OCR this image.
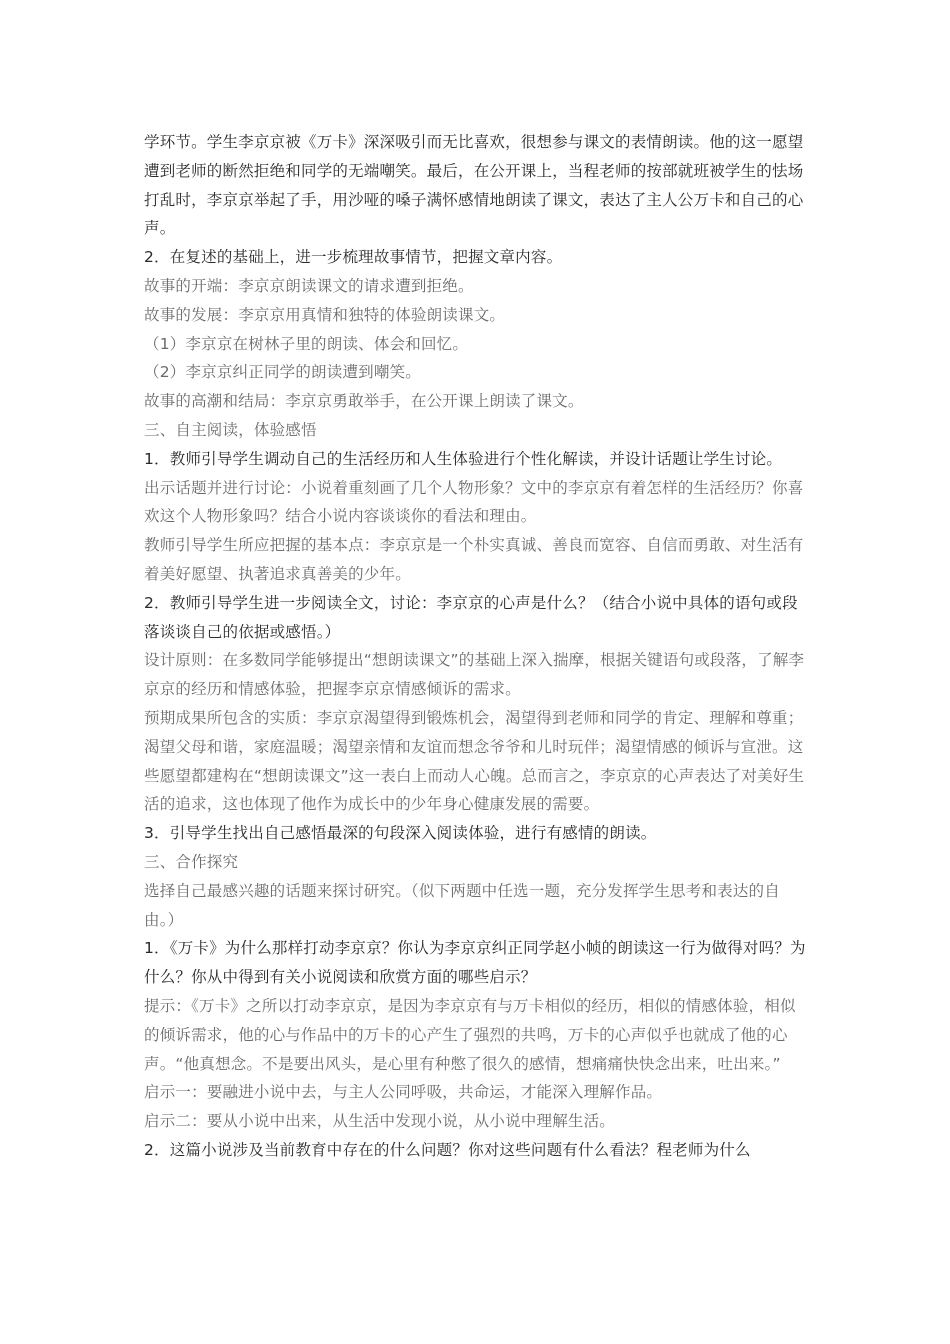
学环节。学生李京京被《万卡》深深吸引而无比喜欢，很想参与课文的表情朗读。他的这一愿望遭到老师的断然拒绝和同学的无端嘲笑。最后，在公开课上，当程老师的按部就班被学生的怯场打乱时，李京京举起了手，用沙哑的嗓子满怀感情地朗读了课文，表达了主人公万卡和自己的心声。

2．在复述的基础上，进一步梳理故事情节，把握文章内容。

故事的开端：李京京朗读课文的请求遭到拒绝。

故事的发展：李京京用真情和独特的体验朗读课文。

（1）李京京在树林子里的朗读、体会和回忆。

（2）李京京纠正同学的朗读遭到嘲笑。

故事的高潮和结局：李京京勇敢举手，在公开课上朗读了课文。

三、自主阅读，体验感悟

1．教师引导学生调动自己的生活经历和人生体验进行个性化解读，并设计话题让学生讨论。

出示话题并进行讨论：小说着重刻画了几个人物形象？文中的李京京有着怎样的生活经历？你喜欢这个人物形象吗？结合小说内容谈谈你的看法和理由。

教师引导学生所应把握的基本点：李京京是一个朴实真诚、善良而宽容、自信而勇敢、对生活有着美好愿望、执著追求真善美的少年。

2．教师引导学生进一步阅读全文，讨论：李京京的心声是什么？（结合小说中具体的语句或段落谈谈自己的依据或感悟。）

设计原则：在多数同学能够提出“想朗读课文”的基础上深入揣摩，根据关键语句或段落，了解李京京的经历和情感体验，把握李京京情感倾诉的需求。

预期成果所包含的实质：李京京渴望得到锻炼机会，渴望得到老师和同学的肯定、理解和尊重；渴望父母和谐，家庭温暖；渴望亲情和友谊而想念爷爷和儿时玩伴；渴望情感的倾诉与宣泄。这些愿望都建构在“想朗读课文”这一表白上而动人心魄。总而言之，李京京的心声表达了对美好生活的追求，这也体现了他作为成长中的少年身心健康发展的需要。

3．引导学生找出自己感悟最深的句段深入阅读体验，进行有感情的朗读。

三、合作探究

选择自己最感兴趣的话题来探讨研究。（似下两题中任选一题，充分发挥学生思考和表达的自由。）

1．《万卡》为什么那样打动李京京？你认为李京京纠正同学赵小帧的朗读这一行为做得对吗？为什么？你从中得到有关小说阅读和欣赏方面的哪些启示？

提示：《万卡》之所以打动李京京，是因为李京京有与万卡相似的经历，相似的情感体验，相似的倾诉需求，他的心与作品中的万卡的心产生了强烈的共鸣，万卡的心声似乎也就成了他的心声。“他真想念。不是要出风头，是心里有种憋了很久的感情，想痛痛快快念出来，吐出来。”

启示一：要融进小说中去，与主人公同呼吸，共命运，才能深入理解作品。

启示二：要从小说中出来，从生活中发现小说，从小说中理解生活。

2．这篇小说涉及当前教育中存在的什么问题？你对这些问题有什么看法？程老师为什么
